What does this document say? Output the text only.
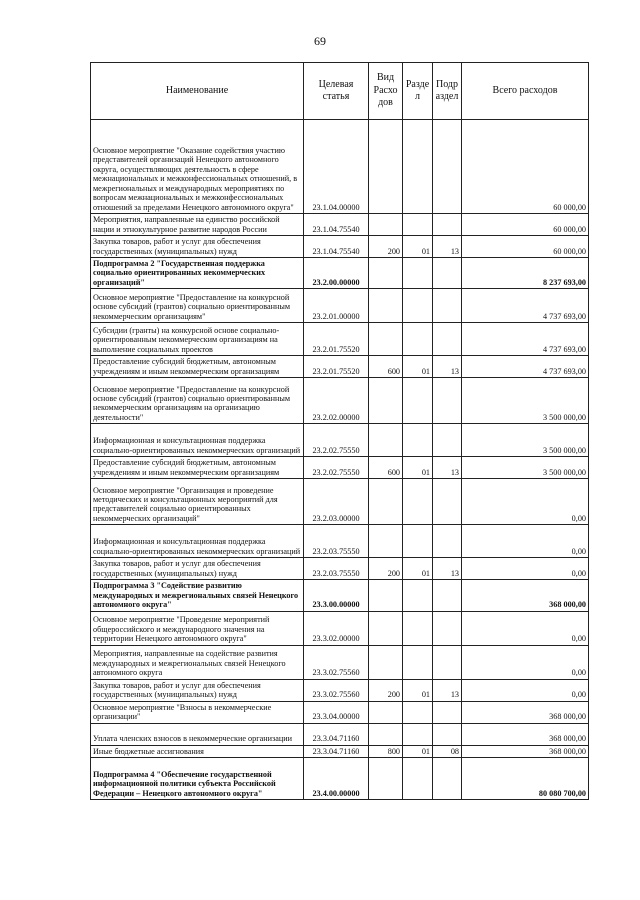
69
Наименование	Целевая статья	Вид Расхо дов	Разде л	Подр аздел	Всего расходов
Основное мероприятие "Оказание содействия участию представителей организаций Ненецкого автономного округа, осуществляющих деятельность в сфере межнациональных и межконфессиональных отношений, в межрегиональных и международных мероприятиях по вопросам межнациональных и межконфессиональных отношений за пределами Ненецкого автономного округа"	23.1.04.00000				60 000,00
Мероприятия, направленные на единство российской нации и этнокультурное развитие народов России	23.1.04.75540				60 000,00
Закупка товаров, работ и услуг для обеспечения государственных (муниципальных) нужд	23.1.04.75540	200	01	13	60 000,00
Подпрограмма 2 "Государственная поддержка социально ориентированных некоммерческих организаций"	23.2.00.00000				8 237 693,00
Основное мероприятие "Предоставление на конкурсной основе субсидий (грантов) социально ориентированным некоммерческим организациям"	23.2.01.00000				4 737 693,00
Субсидии (гранты) на конкурсной основе социально-ориентированным некоммерческим организациям на выполнение социальных проектов	23.2.01.75520				4 737 693,00
Предоставление субсидий бюджетным, автономным учреждениям и иным некоммерческим организациям	23.2.01.75520	600	01	13	4 737 693,00
Основное мероприятие "Предоставление на конкурсной основе субсидий (грантов) социально ориентированным некоммерческим организациям на организацию деятельности"	23.2.02.00000				3 500 000,00
Информационная и консультационная поддержка социально-ориентированных некоммерческих организаций	23.2.02.75550				3 500 000,00
Предоставление субсидий бюджетным, автономным учреждениям и иным некоммерческим организациям	23.2.02.75550	600	01	13	3 500 000,00
Основное мероприятие "Организация и проведение методических и консультационных мероприятий для представителей социально ориентированных некоммерческих организаций"	23.2.03.00000				0,00
Информационная и консультационная поддержка социально-ориентированных некоммерческих организаций	23.2.03.75550				0,00
Закупка товаров, работ и услуг для обеспечения государственных (муниципальных) нужд	23.2.03.75550	200	01	13	0,00
Подпрограмма 3 "Содействие развитию международных и межрегиональных связей Ненецкого автономного округа"	23.3.00.00000				368 000,00
Основное мероприятие "Проведение мероприятий общероссийского и международного значения на территории Ненецкого автономного округа"	23.3.02.00000				0,00
Мероприятия, направленные на содействие развития международных и межрегиональных связей Ненецкого автономного округа	23.3.02.75560				0,00
Закупка товаров, работ и услуг для обеспечения государственных (муниципальных) нужд	23.3.02.75560	200	01	13	0,00
Основное мероприятие "Взносы в некоммерческие организации"	23.3.04.00000				368 000,00
Уплата членских взносов в некоммерческие организации	23.3.04.71160				368 000,00
Иные бюджетные ассигнования	23.3.04.71160	800	01	08	368 000,00
Подпрограмма 4 "Обеспечение государственной информационной политики субъекта Российской Федерации – Ненецкого автономного округа"	23.4.00.00000				80 080 700,00
